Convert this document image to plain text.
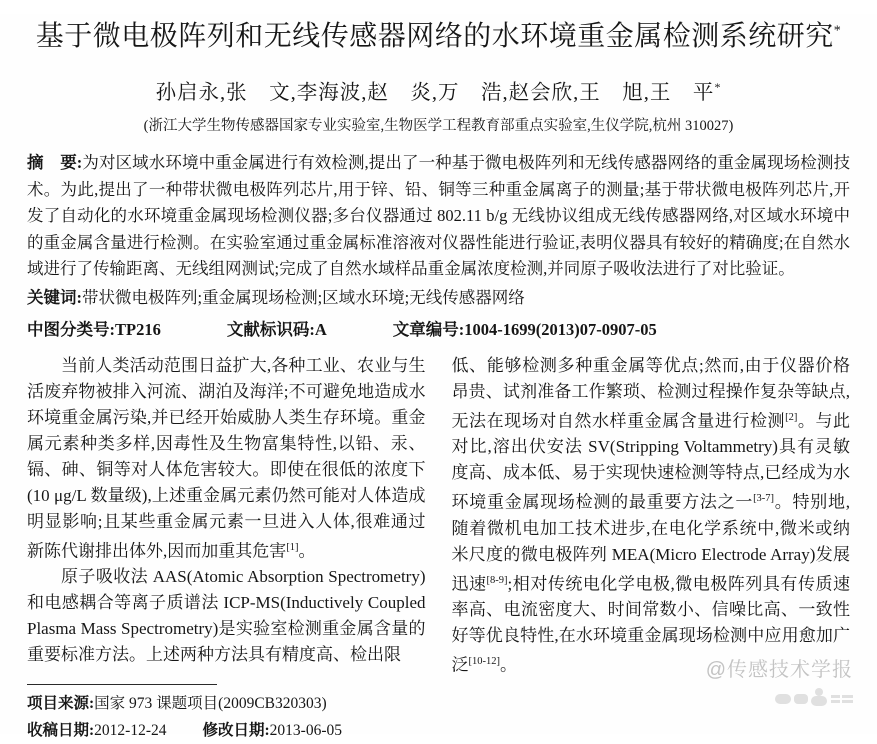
基于微电极阵列和无线传感器网络的水环境重金属检测系统研究*
孙启永,张　文,李海波,赵　炎,万　浩,赵会欣,王　旭,王　平*
(浙江大学生物传感器国家专业实验室,生物医学工程教育部重点实验室,生仪学院,杭州 310027)

摘　要:为对区域水环境中重金属进行有效检测,提出了一种基于微电极阵列和无线传感器网络的重金属现场检测技术。为此,提出了一种带状微电极阵列芯片,用于锌、铅、铜等三种重金属离子的测量;基于带状微电极阵列芯片,开发了自动化的水环境重金属现场检测仪器;多台仪器通过 802.11 b/g 无线协议组成无线传感器网络,对区域水环境中的重金属含量进行检测。在实验室通过重金属标准溶液对仪器性能进行验证,表明仪器具有较好的精确度;在自然水域进行了传输距离、无线组网测试;完成了自然水域样品重金属浓度检测,并同原子吸收法进行了对比验证。

关键词:带状微电极阵列;重金属现场检测;区域水环境;无线传感器网络

中图分类号:TP216	文献标识码:A	文章编号:1004-1699(2013)07-0907-05

当前人类活动范围日益扩大,各种工业、农业与生活废弃物被排入河流、湖泊及海洋;不可避免地造成水环境重金属污染,并已经开始威胁人类生存环境。重金属元素种类多样,因毒性及生物富集特性,以铅、汞、镉、砷、铜等对人体危害较大。即使在很低的浓度下(10 μg/L 数量级),上述重金属元素仍然可能对人体造成明显影响;且某些重金属元素一旦进入人体,很难通过新陈代谢排出体外,因而加重其危害[1]。

原子吸收法 AAS(Atomic Absorption Spectrometry)和电感耦合等离子质谱法 ICP-MS(Inductively Coupled Plasma Mass Spectrometry)是实验室检测重金属含量的重要标准方法。上述两种方法具有精度高、检出限

低、能够检测多种重金属等优点;然而,由于仪器价格昂贵、试剂准备工作繁琐、检测过程操作复杂等缺点,无法在现场对自然水样重金属含量进行检测[2]。与此对比,溶出伏安法 SV(Stripping Voltammetry)具有灵敏度高、成本低、易于实现快速检测等特点,已经成为水环境重金属现场检测的最重要方法之一[3-7]。特别地,随着微机电加工技术进步,在电化学系统中,微米或纳米尺度的微电极阵列 MEA(Micro Electrode Array)发展迅速[8-9];相对传统电化学电极,微电极阵列具有传质速率高、电流密度大、时间常数小、信噪比高、一致性好等优良特性,在水环境重金属现场检测中应用愈加广泛[10-12]。

项目来源:国家 973 课题项目(2009CB320303)
收稿日期:2012-12-24 修改日期:2013-06-05
@传感技术学报
